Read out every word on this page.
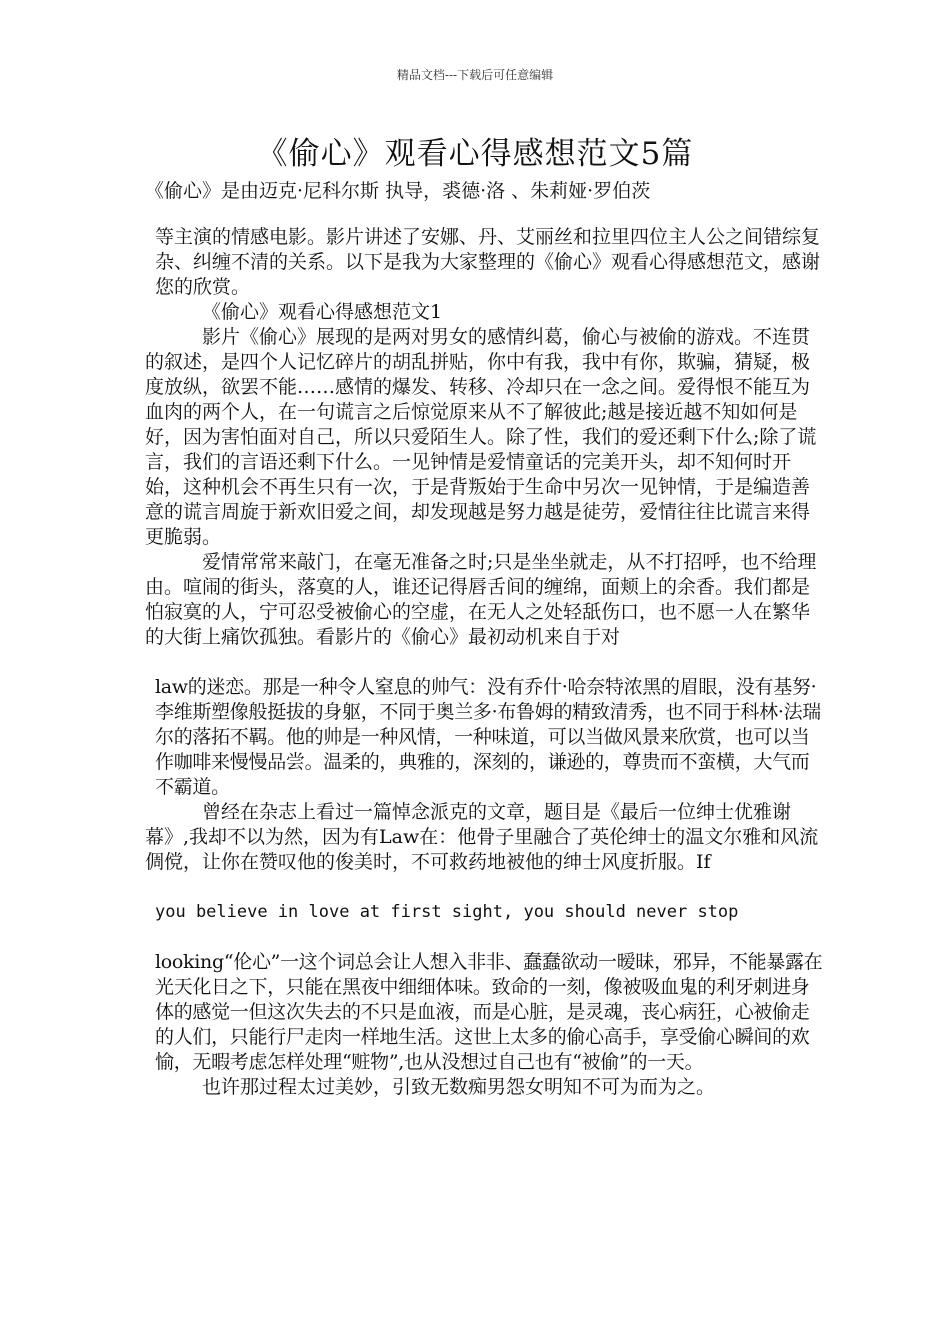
精品文档---下载后可任意编辑
《偷心》观看心得感想范文5篇
《偷心》是由迈克·尼科尔斯 执导，裘德·洛 、朱莉娅·罗伯茨

等主演的情感电影。影片讲述了安娜、丹、艾丽丝和拉里四位主人公之间错综复杂、纠缠不清的关系。以下是我为大家整理的《偷心》观看心得感想范文，感谢您的欣赏。

《偷心》观看心得感想范文1

影片《偷心》展现的是两对男女的感情纠葛，偷心与被偷的游戏。不连贯的叙述，是四个人记忆碎片的胡乱拼贴，你中有我，我中有你，欺骗，猜疑，极度放纵，欲罢不能……感情的爆发、转移、冷却只在一念之间。爱得恨不能互为血肉的两个人，在一句谎言之后惊觉原来从不了解彼此;越是接近越不知如何是好，因为害怕面对自己，所以只爱陌生人。除了性，我们的爱还剩下什么;除了谎言，我们的言语还剩下什么。一见钟情是爱情童话的完美开头，却不知何时开始，这种机会不再生只有一次，于是背叛始于生命中另次一见钟情，于是编造善意的谎言周旋于新欢旧爱之间，却发现越是努力越是徒劳，爱情往往比谎言来得更脆弱。

爱情常常来敲门，在毫无准备之时;只是坐坐就走，从不打招呼，也不给理由。喧闹的街头，落寞的人，谁还记得唇舌间的缠绵，面颊上的余香。我们都是怕寂寞的人，宁可忍受被偷心的空虚，在无人之处轻舐伤口，也不愿一人在繁华的大街上痛饮孤独。看影片的《偷心》最初动机来自于对

law的迷恋。那是一种令人窒息的帅气：没有乔什·哈奈特浓黑的眉眼，没有基努·李维斯塑像般挺拔的身躯，不同于奥兰多·布鲁姆的精致清秀，也不同于科林·法瑞尔的落拓不羁。他的帅是一种风情，一种味道，可以当做风景来欣赏，也可以当作咖啡来慢慢品尝。温柔的，典雅的，深刻的，谦逊的，尊贵而不蛮横，大气而不霸道。

曾经在杂志上看过一篇悼念派克的文章，题目是《最后一位绅士优雅谢幕》,我却不以为然，因为有Law在：他骨子里融合了英伦绅士的温文尔雅和风流倜傥，让你在赞叹他的俊美时，不可救药地被他的绅士风度折服。If

you believe in love at first sight, you should never stop

looking“伦心”一这个词总会让人想入非非、蠢蠢欲动一暧昧，邪异，不能暴露在光天化日之下，只能在黑夜中细细体味。致命的一刻，像被吸血鬼的利牙刺进身体的感觉一但这次失去的不只是血液，而是心脏，是灵魂，丧心病狂，心被偷走的人们，只能行尸走肉一样地生活。这世上太多的偷心高手，享受偷心瞬间的欢愉，无暇考虑怎样处理“赃物”,也从没想过自己也有“被偷”的一天。

也许那过程太过美妙，引致无数痴男怨女明知不可为而为之。
